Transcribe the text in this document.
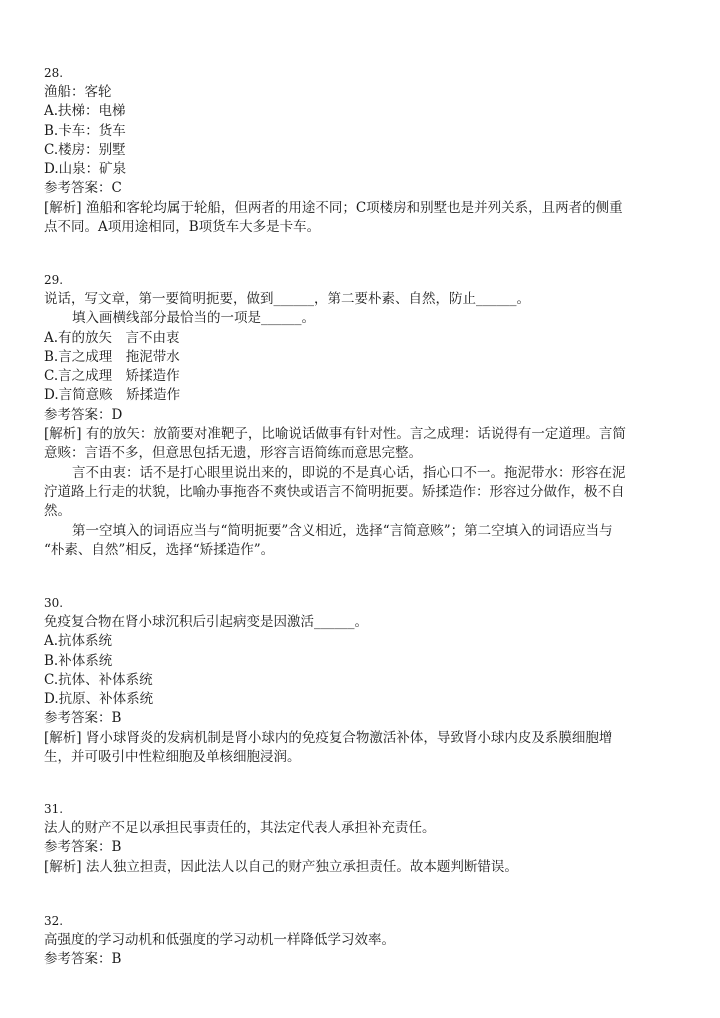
28.
渔船：客轮
A.扶梯：电梯
B.卡车：货车
C.楼房：别墅
D.山泉：矿泉
参考答案：C
[解析] 渔船和客轮均属于轮船，但两者的用途不同；C项楼房和别墅也是并列关系，且两者的侧重
点不同。A项用途相同，B项货车大多是卡车。
29.
说话，写文章，第一要简明扼要，做到______，第二要朴素、自然，防止______。
填入画横线部分最恰当的一项是______。
A.有的放矢　言不由衷
B.言之成理　拖泥带水
C.言之成理　矫揉造作
D.言简意赅　矫揉造作
参考答案：D
[解析] 有的放矢：放箭要对准靶子，比喻说话做事有针对性。言之成理：话说得有一定道理。言简
意赅：言语不多，但意思包括无遗，形容言语简练而意思完整。
言不由衷：话不是打心眼里说出来的，即说的不是真心话，指心口不一。拖泥带水：形容在泥
泞道路上行走的状貌，比喻办事拖沓不爽快或语言不简明扼要。矫揉造作：形容过分做作，极不自
然。
第一空填入的词语应当与“简明扼要”含义相近，选择“言简意赅”；第二空填入的词语应当与
“朴素、自然”相反，选择“矫揉造作”。
30.
免疫复合物在肾小球沉积后引起病变是因激活______。
A.抗体系统
B.补体系统
C.抗体、补体系统
D.抗原、补体系统
参考答案：B
[解析] 肾小球肾炎的发病机制是肾小球内的免疫复合物激活补体，导致肾小球内皮及系膜细胞增
生，并可吸引中性粒细胞及单核细胞浸润。
31.
法人的财产不足以承担民事责任的，其法定代表人承担补充责任。
参考答案：B
[解析] 法人独立担责，因此法人以自己的财产独立承担责任。故本题判断错误。
32.
高强度的学习动机和低强度的学习动机一样降低学习效率。
参考答案：B
